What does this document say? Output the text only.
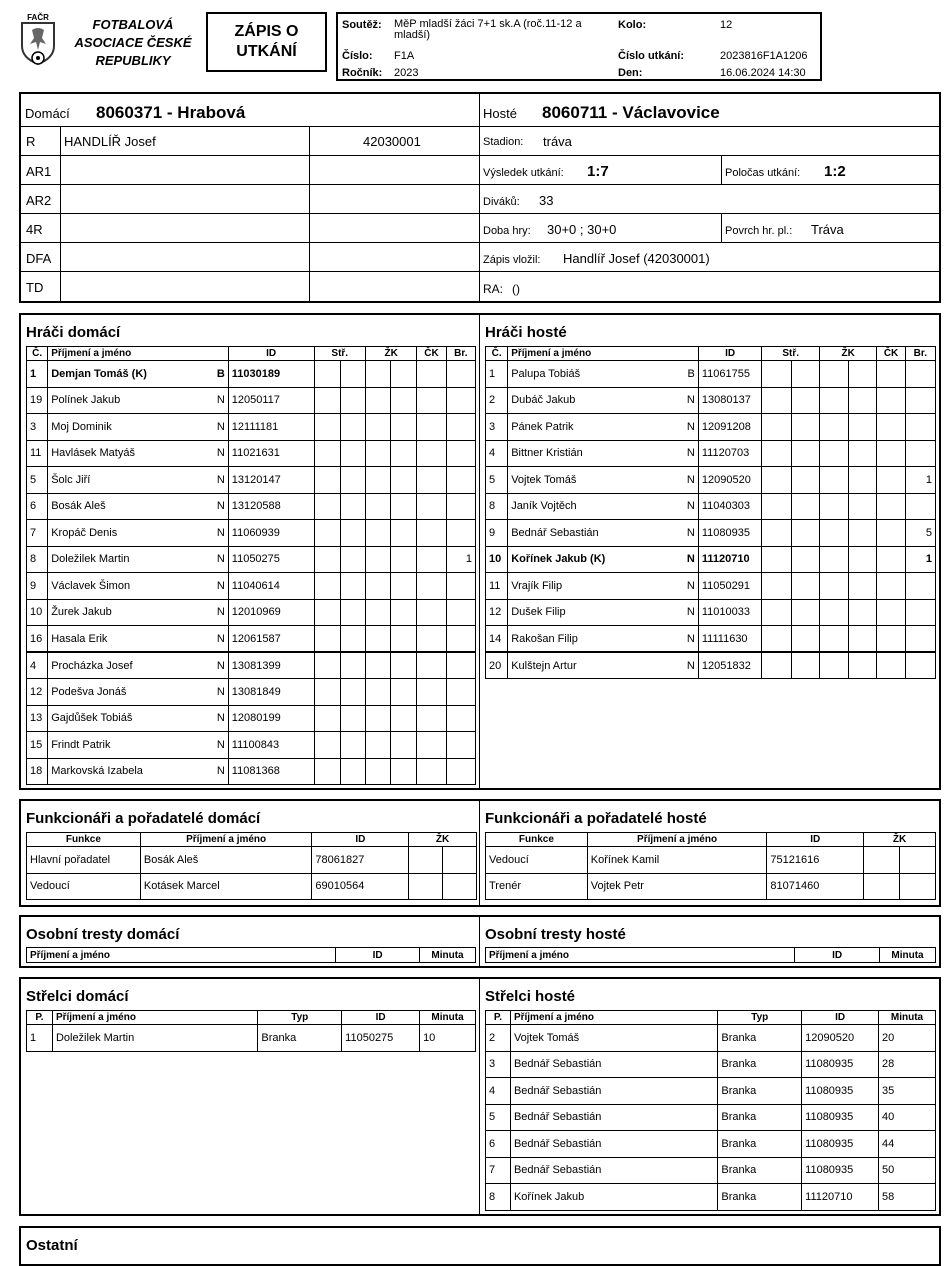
FAČR	FOTBALOVÁ ASOCIACE ČESKÉ REPUBLIKY
ZÁPIS O UTKÁNÍ
Soutěž: MěP mladší žáci 7+1 sk.A (roč.11-12 a mladší)
Číslo: F1A
Ročník: 2023
Kolo:	12
Číslo utkání:	2023816F1A1206
Den:	16.06.2024 14:30
Domácí 8060371 - Hrabová	Hosté 8060711 - Václavovice
R HANDLÍŘ Josef	42030001
AR1
AR2
4R
DFA
TD
Stadion: tráva
Výsledek utkání: 1:7	Poločas utkání: 1:2
Diváků: 33
Doba hry: 30+0 ; 30+0	Povrch hr. pl.: Tráva
Zápis vložil: Handlíř Josef (42030001)
RA: ()
Hráči domácí	Hráči hosté
Č.	Příjmení a jméno	ID	Stř.		ŽK		ČK	Br.
1	Demjan Tomáš (K) B	11030189						
19	Polínek Jakub N	12050117						
3	Moj Dominik N	12111181						
11	Havlásek Matyáš N	11021631						
5	Šolc Jiří N	13120147						
6	Bosák Aleš N	13120588						
7	Kropáč Denis N	11060939						
8	Doležilek Martin N	11050275						1
9	Václavek Šimon N	11040614						
10	Žurek Jakub N	12010969						
16	Hasala Erik N	12061587						
4	Procházka Josef N	13081399						
12	Podešva Jonáš N	13081849						
13	Gajdůšek Tobiáš N	12080199						
15	Frindt Patrik N	11100843						
18	Markovská Izabela N	11081368						
Č.	Příjmení a jméno	ID	Stř.		ŽK		ČK	Br.
1	Palupa Tobiáš B	11061755						
2	Dubáč Jakub N	13080137						
3	Pánek Patrik N	12091208						
4	Bittner Kristián N	11120703						
5	Vojtek Tomáš N	12090520						1
8	Janík Vojtěch N	11040303						
9	Bednář Sebastián N	11080935						5
10	Kořínek Jakub (K) N	11120710						1
11	Vrajík Filip N	11050291						
12	Dušek Filip N	11010033						
14	Rakošan Filip N	11111630						
20	Kulštejn Artur N	12051832						
Funkcionáři a pořadatelé domácí	Funkcionáři a pořadatelé hosté
Funkce	Příjmení a jméno	ID	ŽK	
Hlavní pořadatel	Bosák Aleš	78061827		
Vedoucí	Kotásek Marcel	69010564		
Funkce	Příjmení a jméno	ID	ŽK	
Vedoucí	Kořínek Kamil	75121616		
Trenér	Vojtek Petr	81071460		
Osobní tresty domácí	Osobní tresty hosté
Příjmení a jméno	ID	Minuta	Příjmení a jméno	ID	Minuta
Střelci domácí	Střelci hosté
P.	Příjmení a jméno	Typ	ID	Minuta
1	Doležilek Martin	Branka	11050275	10
P.	Příjmení a jméno	Typ	ID	Minuta
2	Vojtek Tomáš	Branka	12090520	20
3	Bednář Sebastián	Branka	11080935	28
4	Bednář Sebastián	Branka	11080935	35
5	Bednář Sebastián	Branka	11080935	40
6	Bednář Sebastián	Branka	11080935	44
7	Bednář Sebastián	Branka	11080935	50
8	Kořínek Jakub	Branka	11120710	58
Ostatní
